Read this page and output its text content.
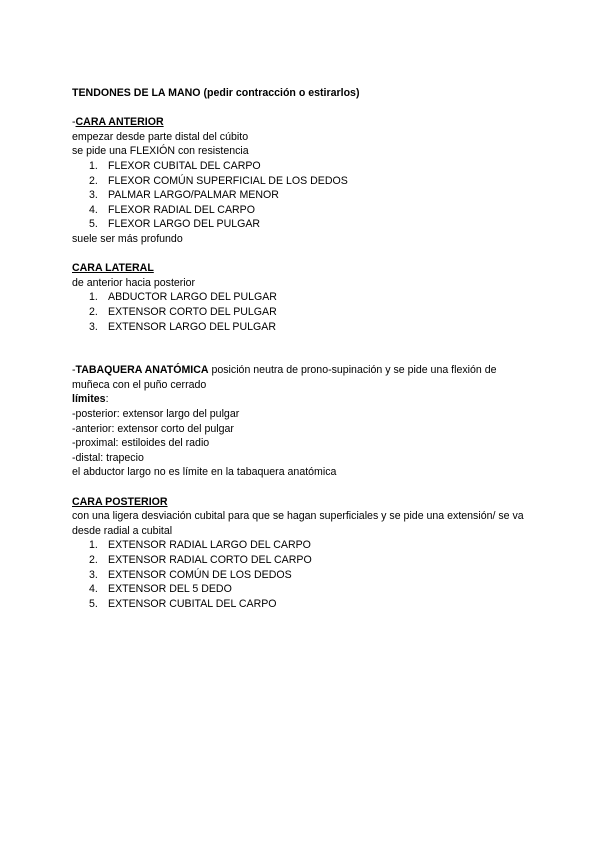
TENDONES DE LA MANO (pedir contracción o estirarlos)
-CARA ANTERIOR
empezar desde parte distal del cúbito
se pide una FLEXIÓN con resistencia
1. FLEXOR CUBITAL DEL CARPO
2. FLEXOR COMÚN SUPERFICIAL DE LOS DEDOS
3. PALMAR LARGO/PALMAR MENOR
4. FLEXOR RADIAL DEL CARPO
5. FLEXOR LARGO DEL PULGAR
suele ser más profundo
CARA LATERAL
de anterior hacia posterior
1. ABDUCTOR LARGO DEL PULGAR
2. EXTENSOR CORTO DEL PULGAR
3. EXTENSOR LARGO DEL PULGAR
-TABAQUERA ANATÓMICA posición neutra de prono-supinación y se pide una flexión de muñeca con el puño cerrado
límites:
-posterior: extensor largo del pulgar
-anterior: extensor corto del pulgar
-proximal: estiloides del radio
-distal: trapecio
el abductor largo no es límite en la tabaquera anatómica
CARA POSTERIOR
con una ligera desviación cubital para que se hagan superficiales y se pide una extensión/ se va desde radial a cubital
1. EXTENSOR RADIAL LARGO DEL CARPO
2. EXTENSOR RADIAL CORTO DEL CARPO
3. EXTENSOR COMÚN DE LOS DEDOS
4. EXTENSOR DEL 5 DEDO
5. EXTENSOR CUBITAL DEL CARPO
